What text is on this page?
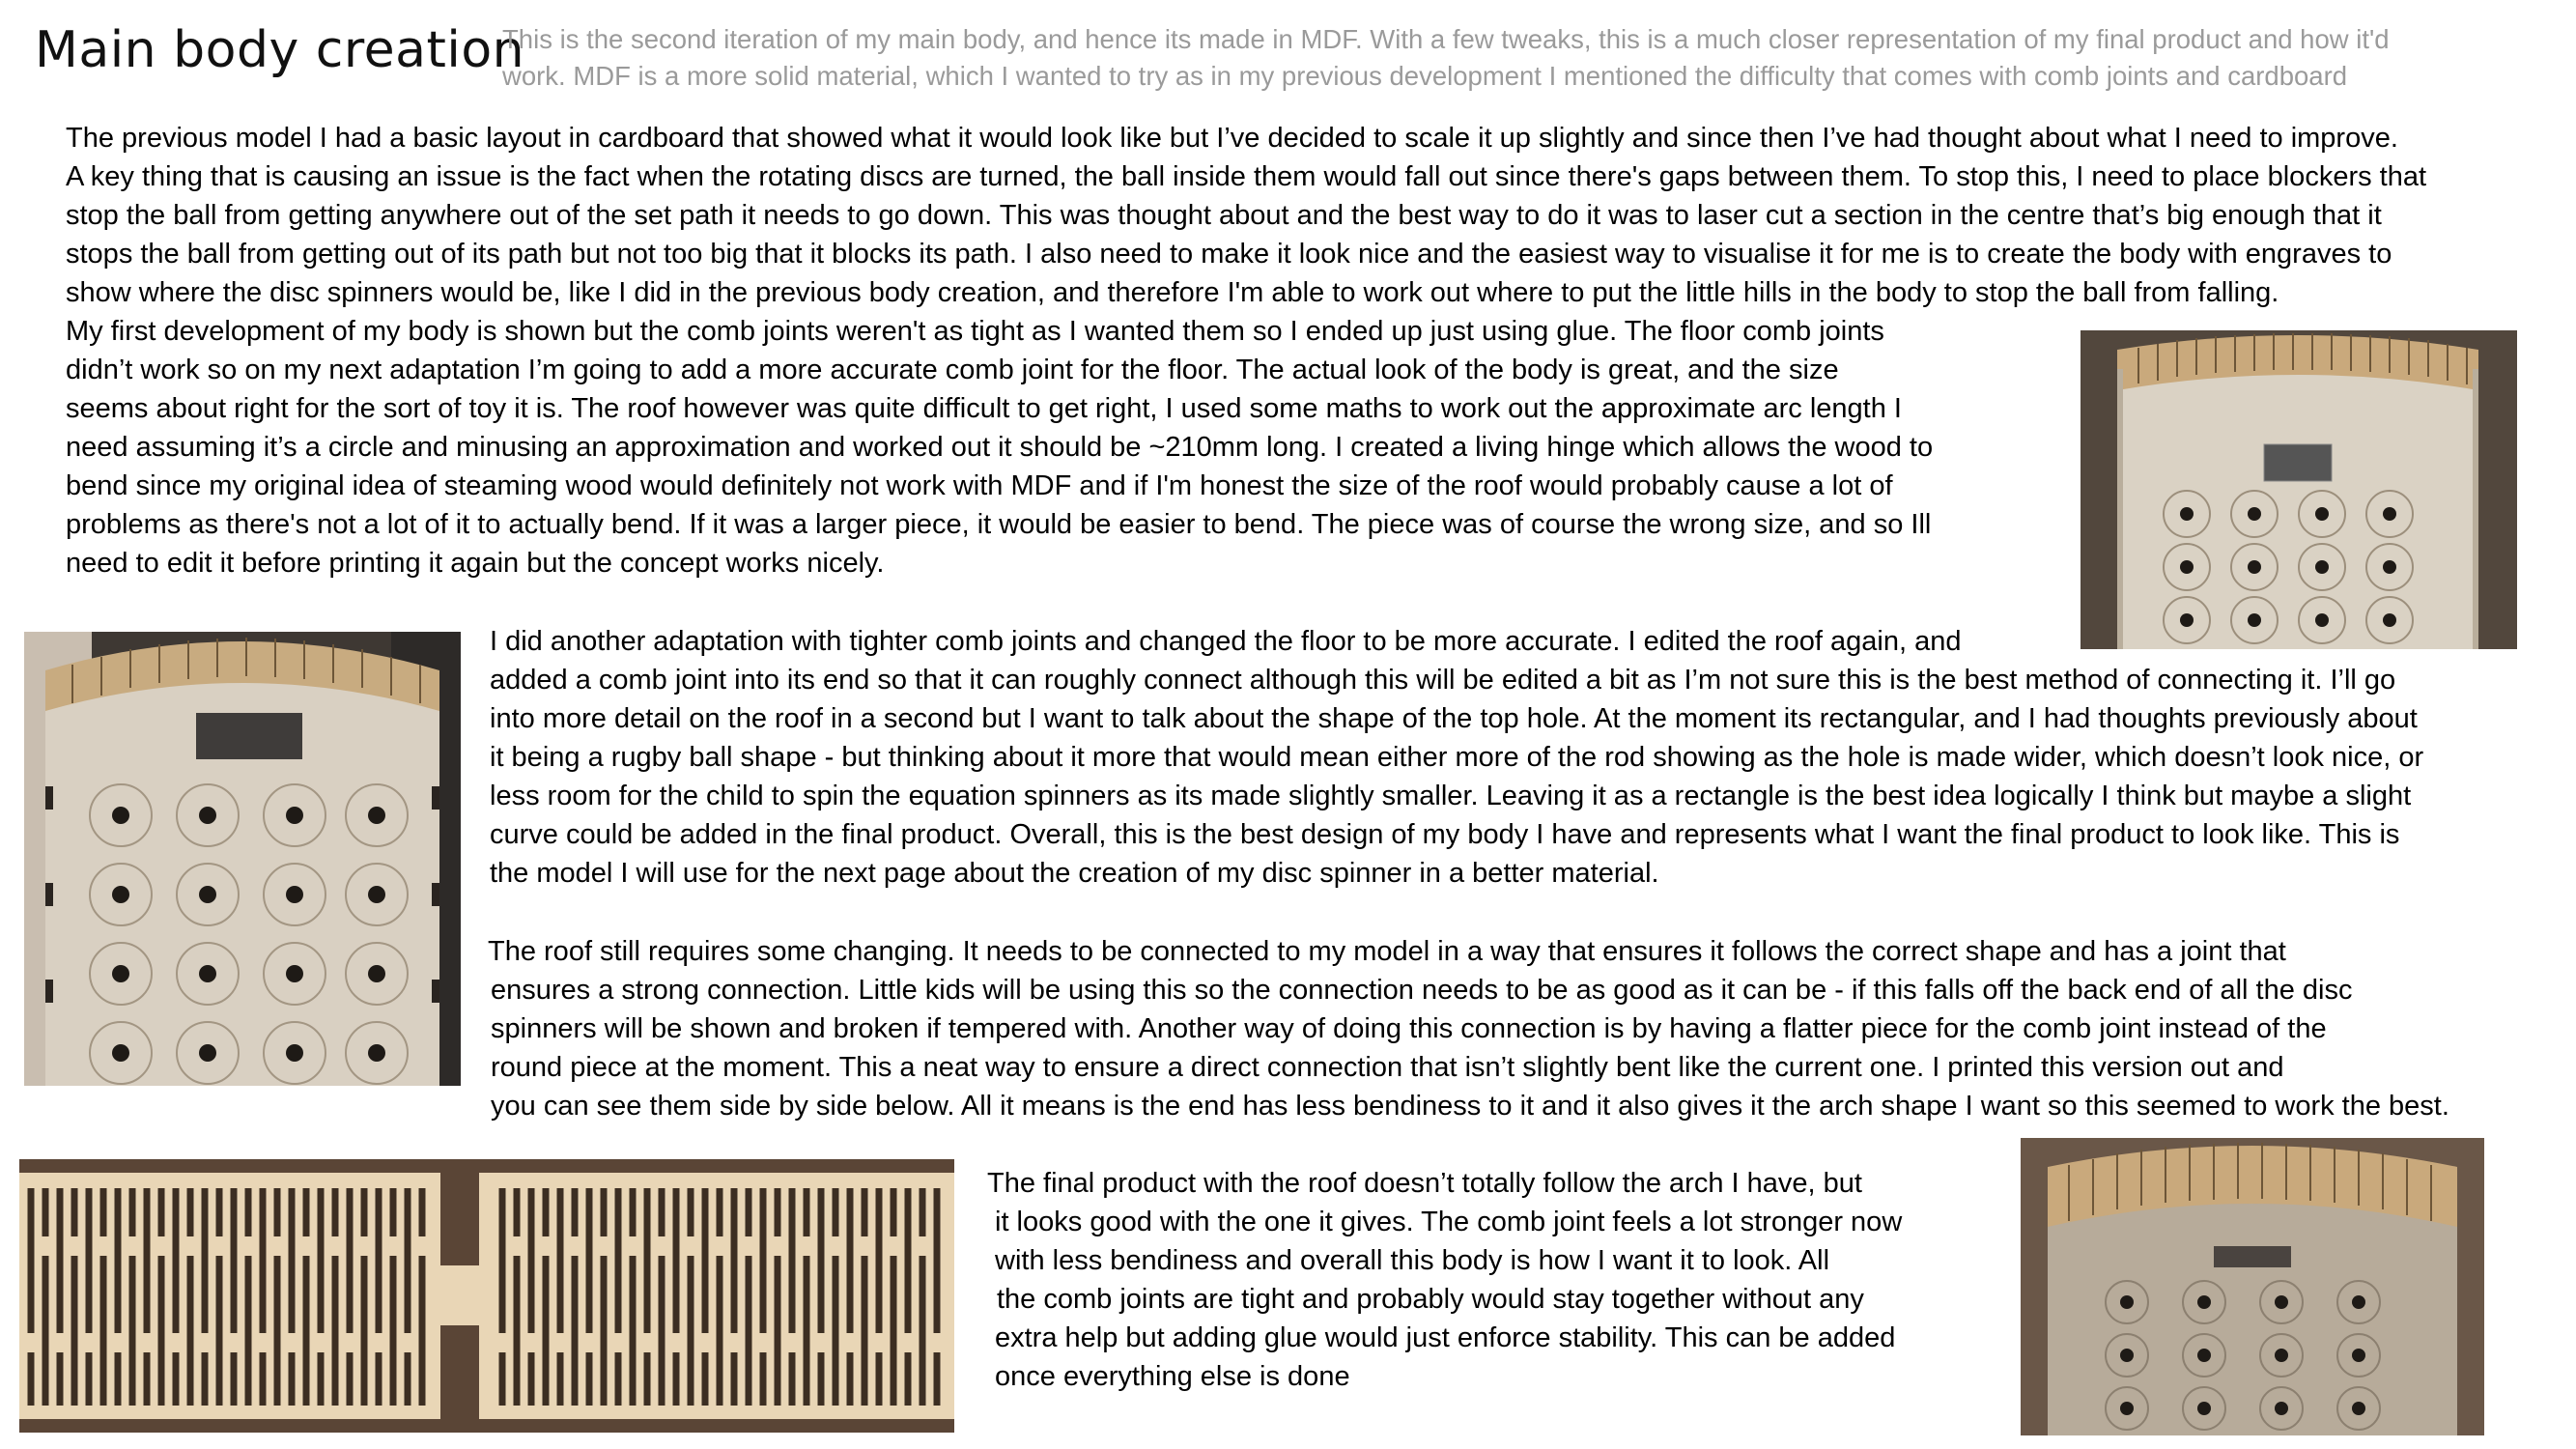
Main body creation
This is the second iteration of my main body, and hence its made in MDF. With a few tweaks, this is a much closer representation of my final product and how it'd
work. MDF is a more solid material, which I wanted to try as in my previous development I mentioned the difficulty that comes with comb joints and cardboard
The previous model I had a basic layout in cardboard that showed what it would look like but I’ve decided to scale it up slightly and since then I’ve had thought about what I need to improve.
A key thing that is causing an issue is the fact when the rotating discs are turned, the ball inside them would fall out since there's gaps between them. To stop this, I need to place blockers that
stop the ball from getting anywhere out of the set path it needs to go down. This was thought about and the best way to do it was to laser cut a section in the centre that’s big enough that it
stops the ball from getting out of its path but not too big that it blocks its path. I also need to make it look nice and the easiest way to visualise it for me is to create the body with engraves to
show where the disc spinners would be, like I did in the previous body creation, and therefore I'm able to work out where to put the little hills in the body to stop the ball from falling.
My first development of my body is shown but the comb joints weren't as tight as I wanted them so I ended up just using glue. The floor comb joints
didn’t work so on my next adaptation I’m going to add a more accurate comb joint for the floor. The actual look of the body is great, and the size
seems about right for the sort of toy it is. The roof however was quite difficult to get right, I used some maths to work out the approximate arc length I
need assuming it’s a circle and minusing an approximation and worked out it should be ~210mm long. I created a living hinge which allows the wood to
bend since my original idea of steaming wood would definitely not work with MDF and if I'm honest the size of the roof would probably cause a lot of
problems as there's not a lot of it to actually bend. If it was a larger piece, it would be easier to bend. The piece was of course the wrong size, and so Ill
need to edit it before printing it again but the concept works nicely.
I did another adaptation with tighter comb joints and changed the floor to be more accurate. I edited the roof again, and
added a comb joint into its end so that it can roughly connect although this will be edited a bit as I’m not sure this is the best method of connecting it. I’ll go
into more detail on the roof in a second but I want to talk about the shape of the top hole. At the moment its rectangular, and I had thoughts previously about
it being a rugby ball shape - but thinking about it more that would mean either more of the rod showing as the hole is made wider, which doesn’t look nice, or
less room for the child to spin the equation spinners as its made slightly smaller. Leaving it as a rectangle is the best idea logically I think but maybe a slight
curve could be added in the final product. Overall, this is the best design of my body I have and represents what I want the final product to look like. This is
the model I will use for the next page about the creation of my disc spinner in a better material.
The roof still requires some changing. It needs to be connected to my model in a way that ensures it follows the correct shape and has a joint that
ensures a strong connection. Little kids will be using this so the connection needs to be as good as it can be - if this falls off the back end of all the disc
spinners will be shown and broken if tempered with. Another way of doing this connection is by having a flatter piece for the comb joint instead of the
round piece at the moment. This a neat way to ensure a direct connection that isn’t slightly bent like the current one. I printed this version out and
you can see them side by side below. All it means is the end has less bendiness to it and it also gives it the arch shape I want so this seemed to work the best.
The final product with the roof doesn’t totally follow the arch I have, but
it looks good with the one it gives. The comb joint feels a lot stronger now
with less bendiness and overall this body is how I want it to look. All
the comb joints are tight and probably would stay together without any
extra help but adding glue would just enforce stability. This can be added
once everything else is done
